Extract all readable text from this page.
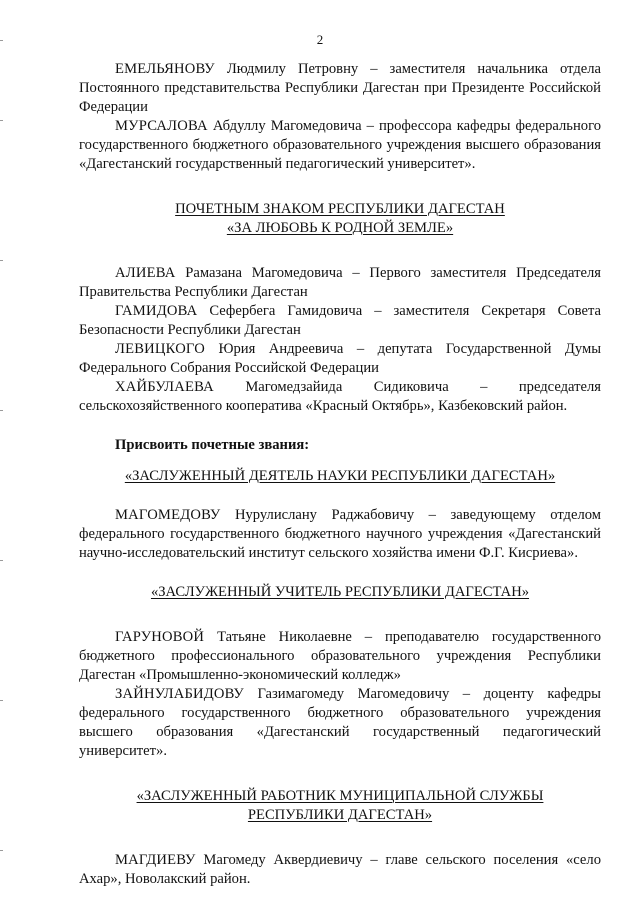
2

ЕМЕЛЬЯНОВУ Людмилу Петровну – заместителя начальника отдела Постоянного представительства Республики Дагестан при Президенте Российской Федерации

МУРСАЛОВА Абдуллу Магомедовича – профессора кафедры федерального государственного бюджетного образовательного учреждения высшего образования «Дагестанский государственный педагогический университет».

ПОЧЕТНЫМ ЗНАКОМ РЕСПУБЛИКИ ДАГЕСТАН
«ЗА ЛЮБОВЬ К РОДНОЙ ЗЕМЛЕ»

АЛИЕВА Рамазана Магомедовича – Первого заместителя Председателя Правительства Республики Дагестан

ГАМИДОВА Сефербега Гамидовича – заместителя Секретаря Совета Безопасности Республики Дагестан

ЛЕВИЦКОГО Юрия Андреевича – депутата Государственной Думы Федерального Собрания Российской Федерации

ХАЙБУЛАЕВА Магомедзайида Сидиковича – председателя сельскохозяйственного кооператива «Красный Октябрь», Казбековский район.

Присвоить почетные звания:

«ЗАСЛУЖЕННЫЙ ДЕЯТЕЛЬ НАУКИ РЕСПУБЛИКИ ДАГЕСТАН»

МАГОМЕДОВУ Нурулислану Раджабовичу – заведующему отделом федерального государственного бюджетного научного учреждения «Дагестанский научно-исследовательский институт сельского хозяйства имени Ф.Г. Кисриева».

«ЗАСЛУЖЕННЫЙ УЧИТЕЛЬ РЕСПУБЛИКИ ДАГЕСТАН»

ГАРУНОВОЙ Татьяне Николаевне – преподавателю государственного бюджетного профессионального образовательного учреждения Республики Дагестан «Промышленно-экономический колледж»

ЗАЙНУЛАБИДОВУ Газимагомеду Магомедовичу – доценту кафедры федерального государственного бюджетного образовательного учреждения высшего образования «Дагестанский государственный педагогический университет».

«ЗАСЛУЖЕННЫЙ РАБОТНИК МУНИЦИПАЛЬНОЙ СЛУЖБЫ
РЕСПУБЛИКИ ДАГЕСТАН»

МАГДИЕВУ Магомеду Аквердиевичу – главе сельского поселения «село Ахар», Новолакский район.
